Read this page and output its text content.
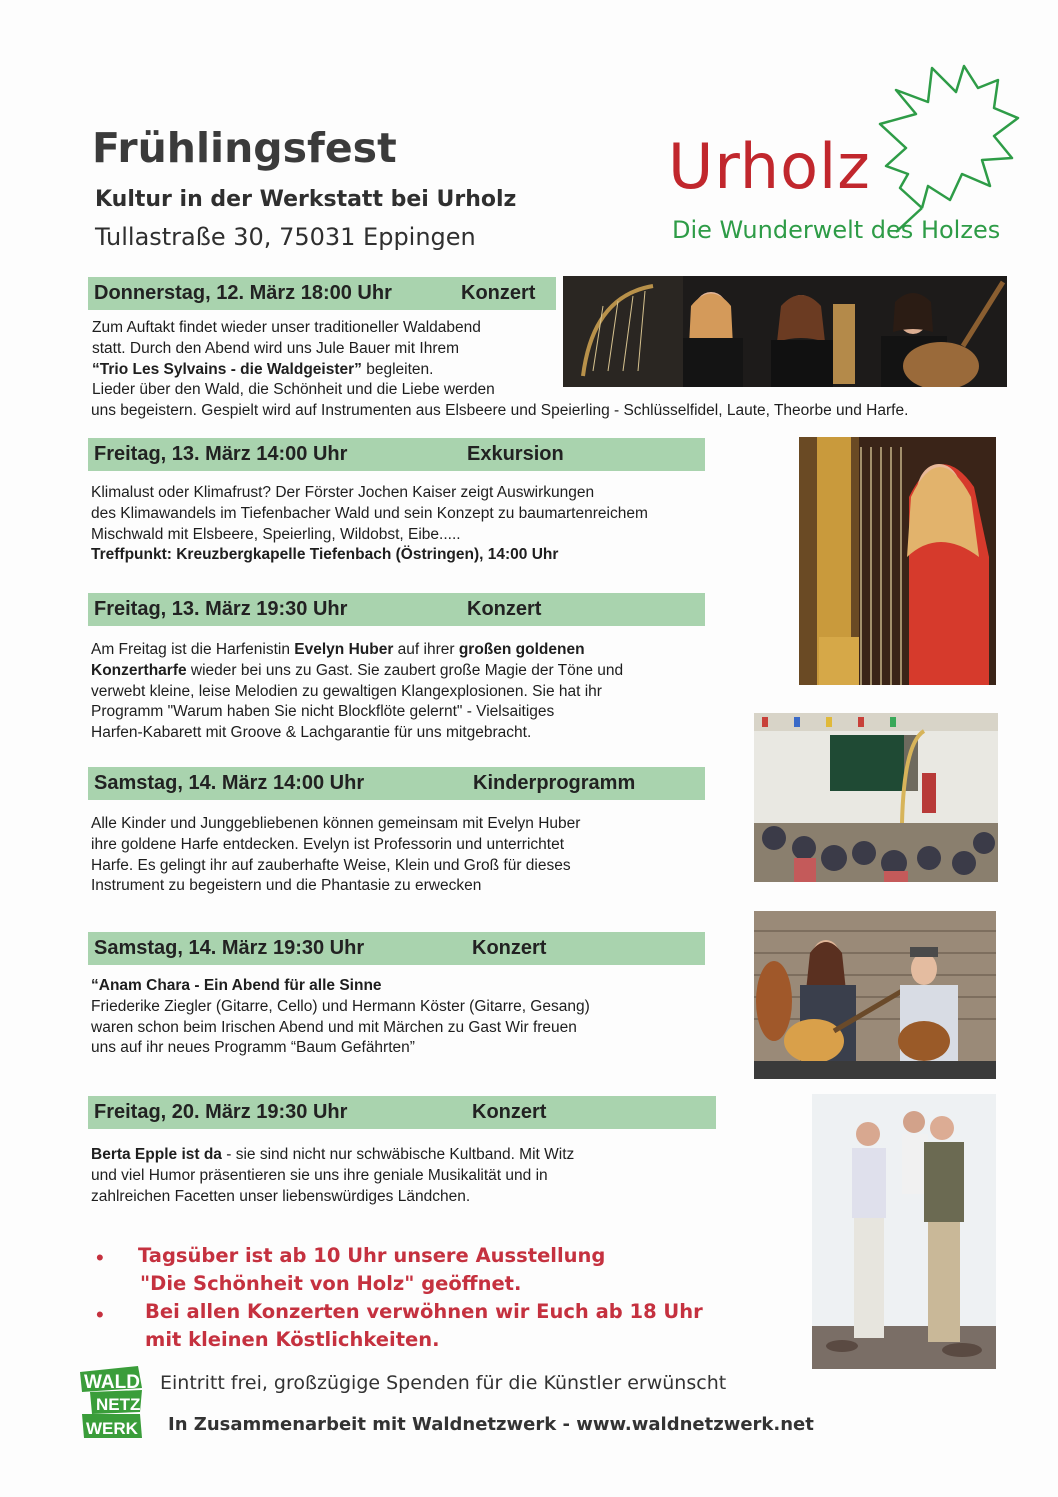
Frühlingsfest
Kultur in der Werkstatt bei Urholz
Tullastraße 30, 75031 Eppingen
Urholz
Die Wunderwelt des Holzes
Donnerstag, 12. März 18:00 Uhr	Konzert
Zum Auftakt findet wieder unser traditioneller Waldabend
statt. Durch den Abend wird uns Jule Bauer mit Ihrem
“Trio Les Sylvains - die Waldgeister” begleiten.
Lieder über den Wald, die Schönheit und die Liebe werden
uns begeistern. Gespielt wird auf Instrumenten aus Elsbeere und Speierling - Schlüsselfidel, Laute, Theorbe und Harfe.
Freitag, 13. März 14:00 Uhr	Exkursion
Klimalust oder Klimafrust? Der Förster Jochen Kaiser zeigt Auswirkungen
des Klimawandels im Tiefenbacher Wald und sein Konzept zu baumartenreichem
Mischwald mit Elsbeere, Speierling, Wildobst, Eibe.....
Treffpunkt: Kreuzbergkapelle Tiefenbach (Östringen), 14:00 Uhr
Freitag, 13. März 19:30 Uhr	Konzert
Am Freitag ist die Harfenistin Evelyn Huber auf ihrer großen goldenen
Konzertharfe wieder bei uns zu Gast. Sie zaubert große Magie der Töne und
verwebt kleine, leise Melodien zu gewaltigen Klangexplosionen. Sie hat ihr
Programm "Warum haben Sie nicht Blockflöte gelernt" - Vielsaitiges
Harfen-Kabarett mit Groove & Lachgarantie für uns mitgebracht.
Samstag, 14. März 14:00 Uhr	Kinderprogramm
Alle Kinder und Junggebliebenen können gemeinsam mit Evelyn Huber
ihre goldene Harfe entdecken. Evelyn ist Professorin und unterrichtet
Harfe. Es gelingt ihr auf zauberhafte Weise, Klein und Groß für dieses
Instrument zu begeistern und die Phantasie zu erwecken
Samstag, 14. März 19:30 Uhr	Konzert
“Anam Chara - Ein Abend für alle Sinne
Friederike Ziegler (Gitarre, Cello) und Hermann Köster (Gitarre, Gesang)
waren schon beim Irischen Abend und mit Märchen zu Gast Wir freuen
uns auf ihr neues Programm “Baum Gefährten”
Freitag, 20. März 19:30 Uhr	Konzert
Berta Epple ist da - sie sind nicht nur schwäbische Kultband. Mit Witz
und viel Humor präsentieren sie uns ihre geniale Musikalität und in
zahlreichen Facetten unser liebenswürdiges Ländchen.
• Tagsüber ist ab 10 Uhr unsere Ausstellung
"Die Schönheit von Holz" geöffnet.
• Bei allen Konzerten verwöhnen wir Euch ab 18 Uhr
mit kleinen Köstlichkeiten.
WALD
NETZ
WERK
Eintritt frei, großzügige Spenden für die Künstler erwünscht
In Zusammenarbeit mit Waldnetzwerk - www.waldnetzwerk.net
